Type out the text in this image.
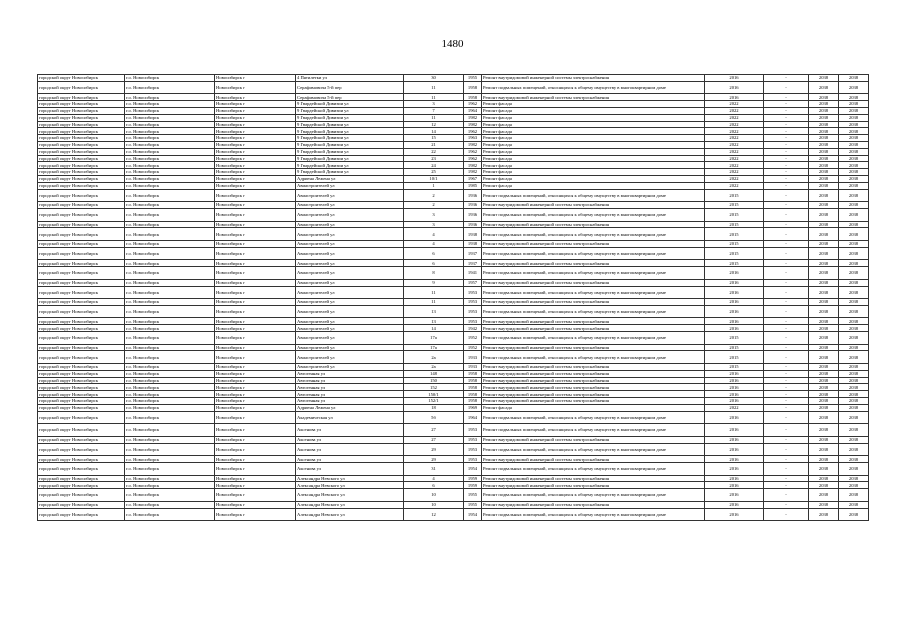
1480
городской округ Новосибирск	г.о. Новосибирск	Новосибирск г	4 Пятилетки ул	30	1955	Ремонт внутридомовой инженерной системы электроснабжения	2016	-	2038	2038
городской округ Новосибирск	г.о. Новосибирск	Новосибирск г	Серафимовича 5-й пер	11	1958	Ремонт подвальных помещений, относящихся к общему имуществу в многоквартирном доме	2016	-	2038	2038
городской округ Новосибирск	г.о. Новосибирск	Новосибирск г	Серафимовича 5-й пер	11	1958	Ремонт внутридомовой инженерной системы электроснабжения	2016	-	2038	2038
городской округ Новосибирск	г.о. Новосибирск	Новосибирск г	9 Гвардейской Дивизии ул	3	1962	Ремонт фасада	2022	-	2038	2038
городской округ Новосибирск	г.о. Новосибирск	Новосибирск г	9 Гвардейской Дивизии ул	7	1964	Ремонт фасада	2022	-	2038	2038
городской округ Новосибирск	г.о. Новосибирск	Новосибирск г	9 Гвардейской Дивизии ул	11	1982	Ремонт фасада	2022	-	2038	2038
городской округ Новосибирск	г.о. Новосибирск	Новосибирск г	9 Гвардейской Дивизии ул	12	1982	Ремонт фасада	2022	-	2038	2038
городской округ Новосибирск	г.о. Новосибирск	Новосибирск г	9 Гвардейской Дивизии ул	14	1962	Ремонт фасада	2022	-	2038	2038
городской округ Новосибирск	г.о. Новосибирск	Новосибирск г	9 Гвардейской Дивизии ул	15	1963	Ремонт фасада	2022	-	2038	2038
городской округ Новосибирск	г.о. Новосибирск	Новосибирск г	9 Гвардейской Дивизии ул	21	1982	Ремонт фасада	2022	-	2038	2038
городской округ Новосибирск	г.о. Новосибирск	Новосибирск г	9 Гвардейской Дивизии ул	22	1962	Ремонт фасада	2022	-	2038	2038
городской округ Новосибирск	г.о. Новосибирск	Новосибирск г	9 Гвардейской Дивизии ул	23	1962	Ремонт фасада	2022	-	2038	2038
городской округ Новосибирск	г.о. Новосибирск	Новосибирск г	9 Гвардейской Дивизии ул	24	1982	Ремонт фасада	2022	-	2038	2038
городской округ Новосибирск	г.о. Новосибирск	Новосибирск г	9 Гвардейской Дивизии ул	25	1982	Ремонт фасада	2022	-	2038	2038
городской округ Новосибирск	г.о. Новосибирск	Новосибирск г	Адриена Лежена ул	10/1	1967	Ремонт фасада	2022	-	2038	2038
городской округ Новосибирск	г.о. Новосибирск	Новосибирск г	Авиастроителей ул	1	1985	Ремонт фасада	2022	-	2038	2038
городской округ Новосибирск	г.о. Новосибирск	Новосибирск г	Авиастроителей ул	2	1936	Ремонт подвальных помещений, относящихся к общему имуществу в многоквартирном доме	2015	-	2038	2038
городской округ Новосибирск	г.о. Новосибирск	Новосибирск г	Авиастроителей ул	2	1936	Ремонт внутридомовой инженерной системы электроснабжения	2015	-	2038	2038
городской округ Новосибирск	г.о. Новосибирск	Новосибирск г	Авиастроителей ул	3	1936	Ремонт подвальных помещений, относящихся к общему имуществу в многоквартирном доме	2015	-	2038	2038
городской округ Новосибирск	г.о. Новосибирск	Новосибирск г	Авиастроителей ул	3	1936	Ремонт внутридомовой инженерной системы электроснабжения	2015	-	2038	2038
городской округ Новосибирск	г.о. Новосибирск	Новосибирск г	Авиастроителей ул	4	1938	Ремонт подвальных помещений, относящихся к общему имуществу в многоквартирном доме	2015	-	2038	2038
городской округ Новосибирск	г.о. Новосибирск	Новосибирск г	Авиастроителей ул	4	1938	Ремонт внутридомовой инженерной системы электроснабжения	2015	-	2038	2038
городской округ Новосибирск	г.о. Новосибирск	Новосибирск г	Авиастроителей ул	6	1937	Ремонт подвальных помещений, относящихся к общему имуществу в многоквартирном доме	2015	-	2038	2038
городской округ Новосибирск	г.о. Новосибирск	Новосибирск г	Авиастроителей ул	6	1937	Ремонт внутридомовой инженерной системы электроснабжения	2015	-	2038	2038
городской округ Новосибирск	г.о. Новосибирск	Новосибирск г	Авиастроителей ул	8	1941	Ремонт подвальных помещений, относящихся к общему имуществу в многоквартирном доме	2016	-	2038	2038
городской округ Новосибирск	г.о. Новосибирск	Новосибирск г	Авиастроителей ул	9	1957	Ремонт внутридомовой инженерной системы электроснабжения	2016	-	2038	2038
городской округ Новосибирск	г.о. Новосибирск	Новосибирск г	Авиастроителей ул	11	1953	Ремонт подвальных помещений, относящихся к общему имуществу в многоквартирном доме	2016	-	2038	2038
городской округ Новосибирск	г.о. Новосибирск	Новосибирск г	Авиастроителей ул	11	1953	Ремонт внутридомовой инженерной системы электроснабжения	2016	-	2038	2038
городской округ Новосибирск	г.о. Новосибирск	Новосибирск г	Авиастроителей ул	13	1953	Ремонт подвальных помещений, относящихся к общему имуществу в многоквартирном доме	2016	-	2038	2038
городской округ Новосибирск	г.о. Новосибирск	Новосибирск г	Авиастроителей ул	13	1953	Ремонт внутридомовой инженерной системы электроснабжения	2016	-	2038	2038
городской округ Новосибирск	г.о. Новосибирск	Новосибирск г	Авиастроителей ул	14	1942	Ремонт внутридомовой инженерной системы электроснабжения	2016	-	2038	2038
городской округ Новосибирск	г.о. Новосибирск	Новосибирск г	Авиастроителей ул	17а	1952	Ремонт подвальных помещений, относящихся к общему имуществу в многоквартирном доме	2015	-	2038	2038
городской округ Новосибирск	г.о. Новосибирск	Новосибирск г	Авиастроителей ул	17а	1952	Ремонт внутридомовой инженерной системы электроснабжения	2015	-	2038	2038
городской округ Новосибирск	г.о. Новосибирск	Новосибирск г	Авиастроителей ул	2а	1933	Ремонт подвальных помещений, относящихся к общему имуществу в многоквартирном доме	2015	-	2038	2038
городской округ Новосибирск	г.о. Новосибирск	Новосибирск г	Авиастроителей ул	2а	1933	Ремонт внутридомовой инженерной системы электроснабжения	2015	-	2038	2038
городской округ Новосибирск	г.о. Новосибирск	Новосибирск г	Автогенная ул	148	1958	Ремонт внутридомовой инженерной системы электроснабжения	2016	-	2038	2038
городской округ Новосибирск	г.о. Новосибирск	Новосибирск г	Автогенная ул	150	1958	Ремонт внутридомовой инженерной системы электроснабжения	2016	-	2038	2038
городской округ Новосибирск	г.о. Новосибирск	Новосибирск г	Автогенная ул	152	1958	Ремонт внутридомовой инженерной системы электроснабжения	2016	-	2038	2038
городской округ Новосибирск	г.о. Новосибирск	Новосибирск г	Автогенная ул	150/1	1958	Ремонт внутридомовой инженерной системы электроснабжения	2016	-	2038	2038
городской округ Новосибирск	г.о. Новосибирск	Новосибирск г	Автогенная ул	152/1	1958	Ремонт внутридомовой инженерной системы электроснабжения	2016	-	2038	2038
городской округ Новосибирск	г.о. Новосибирск	Новосибирск г	Адриена Лежена ул	18	1969	Ремонт фасада	2022	-	2038	2038
городской округ Новосибирск	г.о. Новосибирск	Новосибирск г	Академическая ул	5б	1964	Ремонт подвальных помещений, относящихся к общему имуществу в многоквартирном доме	2016	-	2038	2038
городской округ Новосибирск	г.о. Новосибирск	Новосибирск г	Аксенова ул	27	1953	Ремонт подвальных помещений, относящихся к общему имуществу в многоквартирном доме	2016	-	2038	2038
городской округ Новосибирск	г.о. Новосибирск	Новосибирск г	Аксенова ул	27	1953	Ремонт внутридомовой инженерной системы электроснабжения	2016	-	2038	2038
городской округ Новосибирск	г.о. Новосибирск	Новосибирск г	Аксенова ул	29	1953	Ремонт подвальных помещений, относящихся к общему имуществу в многоквартирном доме	2016	-	2038	2038
городской округ Новосибирск	г.о. Новосибирск	Новосибирск г	Аксенова ул	29	1953	Ремонт внутридомовой инженерной системы электроснабжения	2016	-	2038	2038
городской округ Новосибирск	г.о. Новосибирск	Новосибирск г	Аксенова ул	31	1954	Ремонт подвальных помещений, относящихся к общему имуществу в многоквартирном доме	2016	-	2038	2038
городской округ Новосибирск	г.о. Новосибирск	Новосибирск г	Александра Невского ул	4	1959	Ремонт внутридомовой инженерной системы электроснабжения	2016	-	2038	2038
городской округ Новосибирск	г.о. Новосибирск	Новосибирск г	Александра Невского ул	6	1959	Ремонт внутридомовой инженерной системы электроснабжения	2016	-	2038	2038
городской округ Новосибирск	г.о. Новосибирск	Новосибирск г	Александра Невского ул	10	1955	Ремонт подвальных помещений, относящихся к общему имуществу в многоквартирном доме	2016	-	2038	2038
городской округ Новосибирск	г.о. Новосибирск	Новосибирск г	Александра Невского ул	10	1955	Ремонт внутридомовой инженерной системы электроснабжения	2016	-	2038	2038
городской округ Новосибирск	г.о. Новосибирск	Новосибирск г	Александра Невского ул	12	1954	Ремонт подвальных помещений, относящихся к общему имуществу в многоквартирном доме	2016	-	2038	2038
